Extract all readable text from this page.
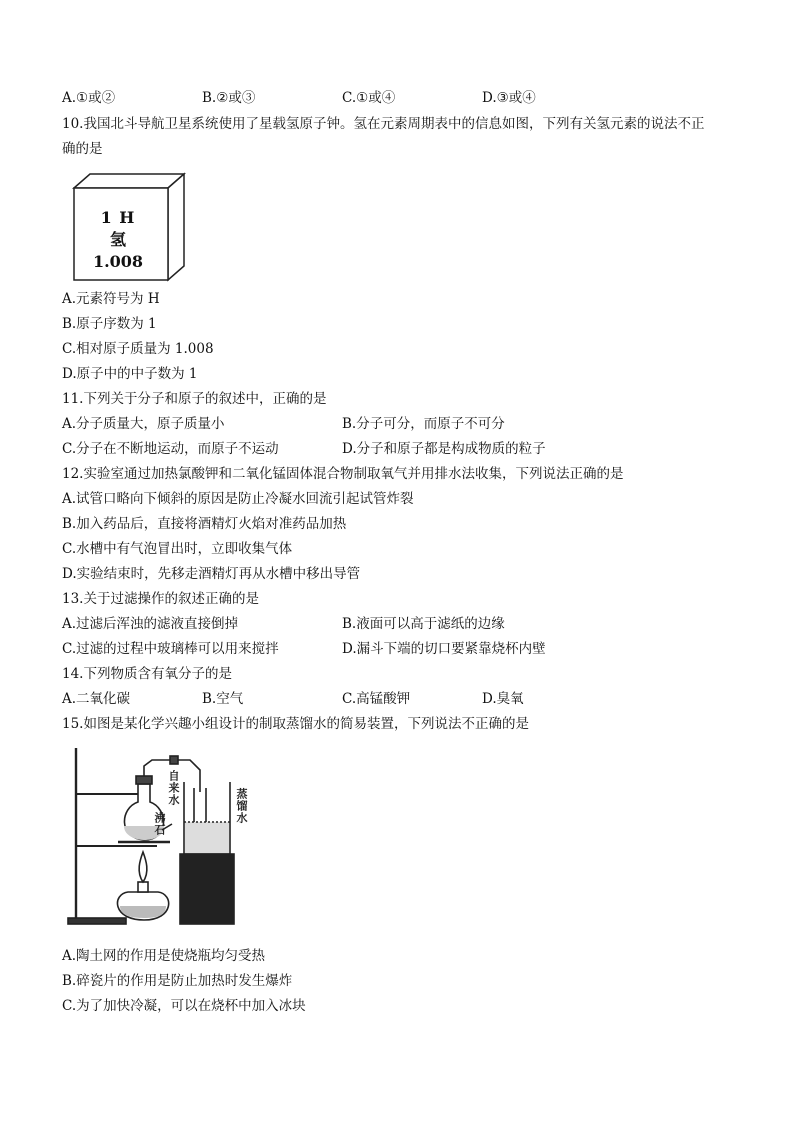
A.①或②	B.②或③	C.①或④	D.③或④
10.我国北斗导航卫星系统使用了星载氢原子钟。氢在元素周期表中的信息如图，下列有关氢元素的说法不正
确的是
1 H
氢
1.008
A.元素符号为 H
B.原子序数为 1
C.相对原子质量为 1.008
D.原子中的中子数为 1
11.下列关于分子和原子的叙述中，正确的是
A.分子质量大，原子质量小	B.分子可分，而原子不可分
C.分子在不断地运动，而原子不运动	D.分子和原子都是构成物质的粒子
12.实验室通过加热氯酸钾和二氧化锰固体混合物制取氧气并用排水法收集，下列说法正确的是
A.试管口略向下倾斜的原因是防止冷凝水回流引起试管炸裂
B.加入药品后，直接将酒精灯火焰对准药品加热
C.水槽中有气泡冒出时，立即收集气体
D.实验结束时，先移走酒精灯再从水槽中移出导管
13.关于过滤操作的叙述正确的是
A.过滤后浑浊的滤液直接倒掉	B.液面可以高于滤纸的边缘
C.过滤的过程中玻璃棒可以用来搅拌	D.漏斗下端的切口要紧靠烧杯内壁
14.下列物质含有氧分子的是
A.二氧化碳	B.空气	C.高锰酸钾	D.臭氧
15.如图是某化学兴趣小组设计的制取蒸馏水的简易装置，下列说法不正确的是
自来水
沸石	蒸馏水
A.陶土网的作用是使烧瓶均匀受热
B.碎瓷片的作用是防止加热时发生爆炸
C.为了加快冷凝，可以在烧杯中加入冰块
